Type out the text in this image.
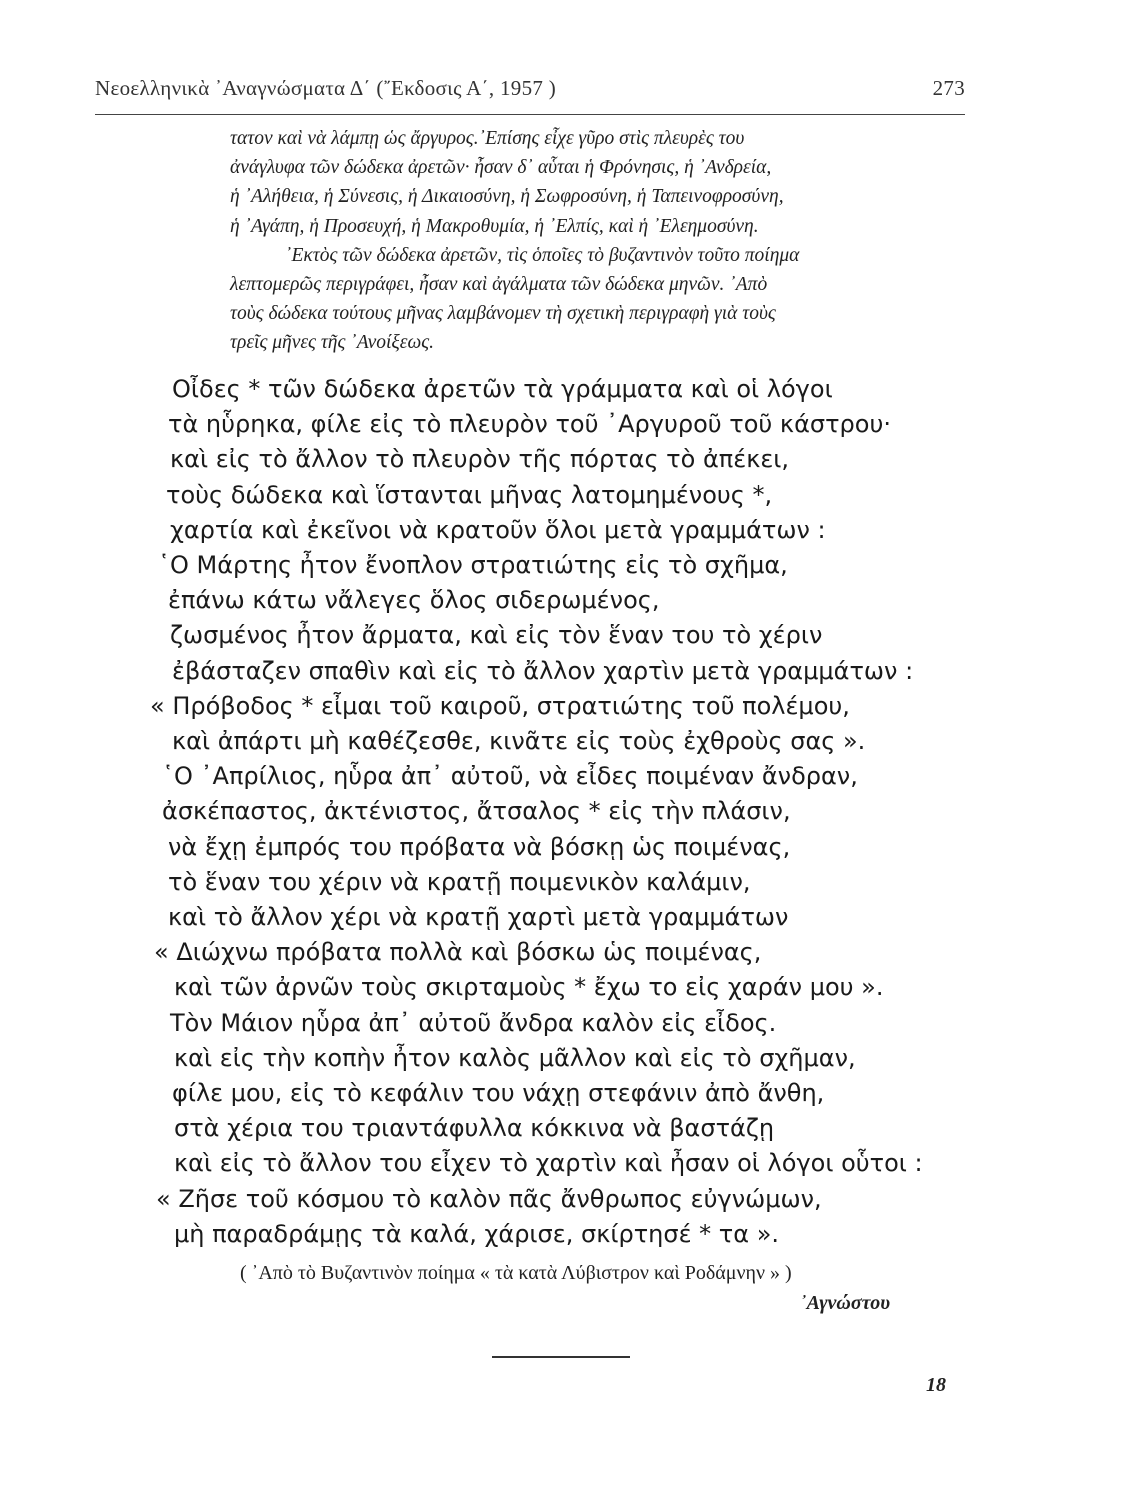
Νεοελληνικὰ ᾿Αναγνώσματα Δ΄ (῎Εκδοσις Α΄, 1957 )	273
τατον καὶ νὰ λάμπῃ ὡς ἄργυρος.᾿Επίσης εἶχε γῦρο στὶς πλευρὲς του
ἀνάγλυφα τῶν δώδεκα ἀρετῶν· ἦσαν δ᾿ αὗται ἡ Φρόνησις, ἡ ᾿Ανδρεία,
ἡ ᾿Αλήθεια, ἡ Σύνεσις, ἡ Δικαιοσύνη, ἡ Σωφροσύνη, ἡ Ταπεινοφροσύνη,
ἡ ᾿Αγάπη, ἡ Προσευχή, ἡ Μακροθυμία, ἡ ᾿Ελπίς, καὶ ἡ ᾿Ελεημοσύνη.
᾿Εκτὸς τῶν δώδεκα ἀρετῶν, τὶς ὁποῖες τὸ βυζαντινὸν τοῦτο ποίημα
λεπτομερῶς περιγράφει, ἦσαν καὶ ἀγάλματα τῶν δώδεκα μηνῶν. ᾿Απὸ
τοὺς δώδεκα τούτους μῆνας λαμβάνομεν τὴ σχετικὴ περιγραφὴ γιὰ τοὺς
τρεῖς μῆνες τῆς ᾿Ανοίξεως.
Οἶδες * τῶν δώδεκα ἀρετῶν τὰ γράμματα καὶ οἱ λόγοι
τὰ ηὗρηκα, φίλε εἰς τὸ πλευρὸν τοῦ ᾿Αργυροῦ τοῦ κάστρου·
καὶ εἰς τὸ ἄλλον τὸ πλευρὸν τῆς πόρτας τὸ ἀπέκει,
τοὺς δώδεκα καὶ ἵστανται μῆνας λατομημένους *,
χαρτία καὶ ἐκεῖνοι νὰ κρατοῦν ὅλοι μετὰ γραμμάτων :
῾Ο Μάρτης ἦτον ἔνοπλον στρατιώτης εἰς τὸ σχῆμα,
ἐπάνω κάτω νἄλεγες ὅλος σιδερωμένος,
ζωσμένος ἦτον ἄρματα, καὶ εἰς τὸν ἕναν του τὸ χέριν
ἐβάσταζεν σπαθὶν καὶ εἰς τὸ ἄλλον χαρτὶν μετὰ γραμμάτων :
« Πρόβοδος * εἶμαι τοῦ καιροῦ, στρατιώτης τοῦ πολέμου,
καὶ ἀπάρτι μὴ καθέζεσθε, κινᾶτε εἰς τοὺς ἐχθροὺς σας ».
῾Ο ᾿Απρίλιος, ηὗρα ἀπ᾿ αὐτοῦ, νὰ εἶδες ποιμέναν ἄνδραν,
ἀσκέπαστος, ἀκτένιστος, ἄτσαλος * εἰς τὴν πλάσιν,
νὰ ἔχῃ ἐμπρός του πρόβατα νὰ βόσκῃ ὡς ποιμένας,
τὸ ἕναν του χέριν νὰ κρατῇ ποιμενικὸν καλάμιν,
καὶ τὸ ἄλλον χέρι νὰ κρατῇ χαρτὶ μετὰ γραμμάτων
« Διώχνω πρόβατα πολλὰ καὶ βόσκω ὡς ποιμένας,
καὶ τῶν ἀρνῶν τοὺς σκιρταμοὺς * ἔχω το εἰς χαράν μου ».
Τὸν Μάιον ηὗρα ἀπ᾿ αὐτοῦ ἄνδρα καλὸν εἰς εἶδος.
καὶ εἰς τὴν κοπὴν ἦτον καλὸς μᾶλλον καὶ εἰς τὸ σχῆμαν,
φίλε μου, εἰς τὸ κεφάλιν του νάχῃ στεφάνιν ἀπὸ ἄνθη,
στὰ χέρια του τριαντάφυλλα κόκκινα νὰ βαστάζῃ
καὶ εἰς τὸ ἄλλον του εἶχεν τὸ χαρτὶν καὶ ἦσαν οἱ λόγοι οὗτοι :
« Ζῆσε τοῦ κόσμου τὸ καλὸν πᾶς ἄνθρωπος εὐγνώμων,
μὴ παραδράμῃς τὰ καλά, χάρισε, σκίρτησέ * τα ».
( ᾿Απὸ τὸ Βυζαντινὸν ποίημα « τὰ κατὰ Λύβιστρον καὶ Ροδάμνην » )
᾿Αγνώστου
18
